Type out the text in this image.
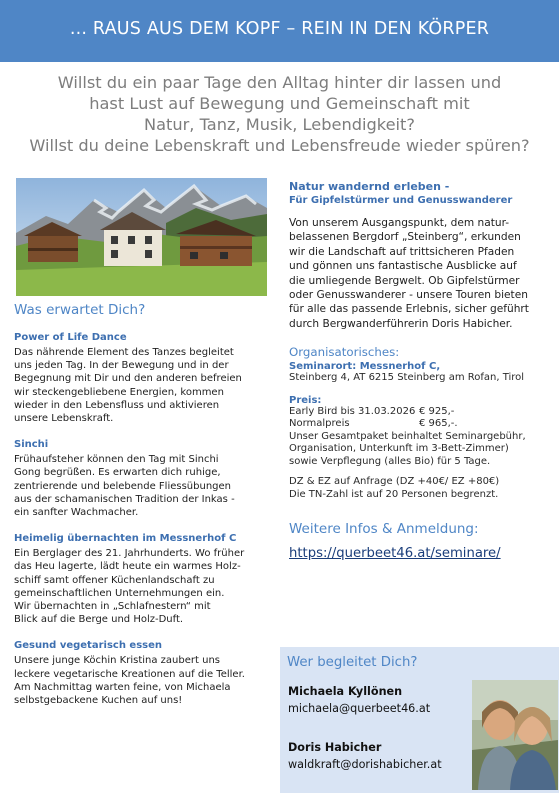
... RAUS AUS DEM KOPF – REIN IN DEN KÖRPER
Willst du ein paar Tage den Alltag hinter dir lassen und
hast Lust auf Bewegung und Gemeinschaft mit
Natur, Tanz, Musik, Lebendigkeit?
Willst du deine Lebenskraft und Lebensfreude wieder spüren?

Was erwartet Dich?

Power of Life Dance

Das nährende Element des Tanzes begleitet
uns jeden Tag. In der Bewegung und in der
Begegnung mit Dir und den anderen befreien
wir steckengebliebene Energien, kommen
wieder in den Lebensfluss und aktivieren
unsere Lebenskraft.

Sinchi

Frühaufsteher können den Tag mit Sinchi
Gong begrüßen. Es erwarten dich ruhige,
zentrierende und belebende Fliessübungen
aus der schamanischen Tradition der Inkas -
ein sanfter Wachmacher.

Heimelig übernachten im Messnerhof C

Ein Berglager des 21. Jahrhunderts. Wo früher
das Heu lagerte, lädt heute ein warmes Holz-
schiff samt offener Küchenlandschaft zu
gemeinschaftlichen Unternehmungen ein.
Wir übernachten in „Schlafnestern“ mit
Blick auf die Berge und Holz-Duft.

Gesund vegetarisch essen

Unsere junge Köchin Kristina zaubert uns
leckere vegetarische Kreationen auf die Teller.
Am Nachmittag warten feine, von Michaela
selbstgebackene Kuchen auf uns!

Natur wandernd erleben -

Für Gipfelstürmer und Genusswanderer

Von unserem Ausgangspunkt, dem natur-
belassenen Bergdorf „Steinberg“, erkunden
wir die Landschaft auf trittsicheren Pfaden
und gönnen uns fantastische Ausblicke auf
die umliegende Bergwelt. Ob Gipfelstürmer
oder Genusswanderer - unsere Touren bieten
für alle das passende Erlebnis, sicher geführt
durch Bergwanderführerin Doris Habicher.

Organisatorisches:

Seminarort: Messnerhof C,

Steinberg 4, AT 6215 Steinberg am Rofan, Tirol

Preis:

Early Bird bis 31.03.2026 € 925,-

Normalpreis	€ 965,-.

Unser Gesamtpaket beinhaltet Seminargebühr,
Organisation, Unterkunft im 3-Bett-Zimmer)
sowie Verpflegung (alles Bio) für 5 Tage.

DZ & EZ auf Anfrage (DZ +40€/ EZ +80€)
Die TN-Zahl ist auf 20 Personen begrenzt.

Weitere Infos & Anmeldung:

https://querbeet46.at/seminare/

Wer begleitet Dich?

Michaela Kyllönen
michaela@querbeet46.at
Doris Habicher
waldkraft@dorishabicher.at
